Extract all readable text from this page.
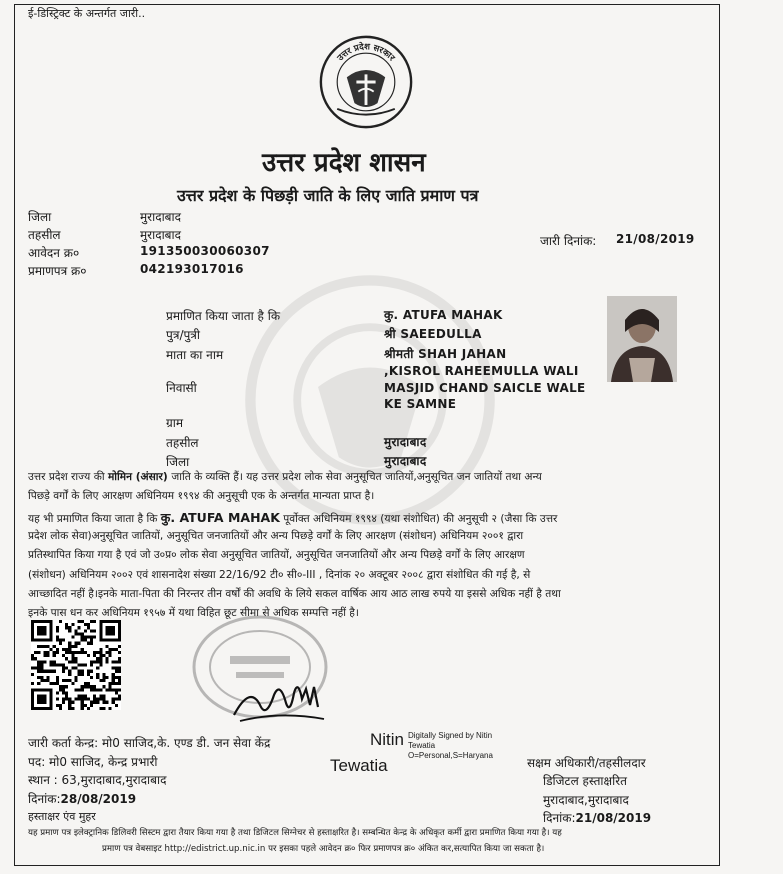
ई-डिस्ट्रिक्ट के अन्तर्गत जारी..
उत्तर प्रदेश सरकार
उत्तर प्रदेश शासन
उत्तर प्रदेश के पिछड़ी जाति के लिए जाति प्रमाण पत्र
जिला	मुरादाबाद
तहसील	मुरादाबाद
आवेदन क्र०	191350030060307
प्रमाणपत्र क्र०	042193017016
जारी दिनांक: 21/08/2019
प्रमाणित किया जाता है कि	कु. ATUFA MAHAK
पुत्र/पुत्री	श्री SAEEDULLA
माता का नाम	श्रीमती SHAH JAHAN
निवासी
,KISROL RAHEEMULLA WALI
MASJID CHAND SAICLE WALE
KE SAMNE
ग्राम
तहसील	मुरादाबाद
जिला	मुरादाबाद
उत्तर प्रदेश राज्य की मोमिन (अंसार) जाति के व्यक्ति हैं। यह उत्तर प्रदेश लोक सेवा अनुसूचित जातियों,अनुसूचित जन जातियों तथा अन्य
पिछड़े वर्गों के लिए आरक्षण अधिनियम १९९४ की अनुसूची एक के अन्तर्गत मान्यता प्राप्त है।
यह भी प्रमाणित किया जाता है कि कु. ATUFA MAHAK पूर्वोक्त अधिनियम १९९४ (यथा संशोधित) की अनुसूची २ (जैसा कि उत्तर
प्रदेश लोक सेवा)अनुसूचित जातियों, अनुसूचित जनजातियों और अन्य पिछड़े वर्गों के लिए आरक्षण (संशोधन) अधिनियम २००१ द्वारा
प्रतिस्थापित किया गया है एवं जो उ०प्र० लोक सेवा अनुसूचित जातियों, अनुसूचित जनजातियों और अन्य पिछड़े वर्गों के लिए आरक्षण
(संशोधन) अधिनियम २००२ एवं शासनादेश संख्या 22/16/92 टी० सी०-III , दिनांक २० अक्टूबर २००८ द्वारा संशोधित की गई है, से
आच्छादित नहीं है।इनके माता-पिता की निरन्तर तीन वर्षों की अवधि के लिये सकल वार्षिक आय आठ लाख रुपये या इससे अधिक नहीं है तथा
इनके पास धन कर अधिनियम १९५७ में यथा विहित छूट सीमा से अधिक सम्पत्ति नहीं है।
जारी कर्ता केन्द्र: मो0 साजिद,के. एण्ड डी. जन सेवा केंद्र
पद: मो0 साजिद, केन्द्र प्रभारी
स्थान : 63,मुरादाबाद,मुरादाबाद
दिनांक:28/08/2019
हस्ताक्षर एंव मुहर
Nitin
Tewatia
Digitally Signed by Nitin
Tewatia
O=Personal,S=Haryana
सक्षम अधिकारी/तहसीलदार
डिजिटल हस्ताक्षरित
मुरादाबाद,मुरादाबाद
दिनांक:21/08/2019
यह प्रमाण पत्र इलेक्ट्रानिक डिलिवरी सिस्टम द्वारा तैयार किया गया है तथा डिजिटल सिग्नेचर से हस्ताक्षरित है। सम्बन्धित केन्द्र के अधिकृत कर्मी द्वारा प्रमाणित किया गया है। यह
प्रमाण पत्र वेबसाइट http://edistrict.up.nic.in पर इसका पहले आवेदन क्र० फिर प्रमाणपत्र क्र० अंकित कर,सत्यापित किया जा सकता है।
